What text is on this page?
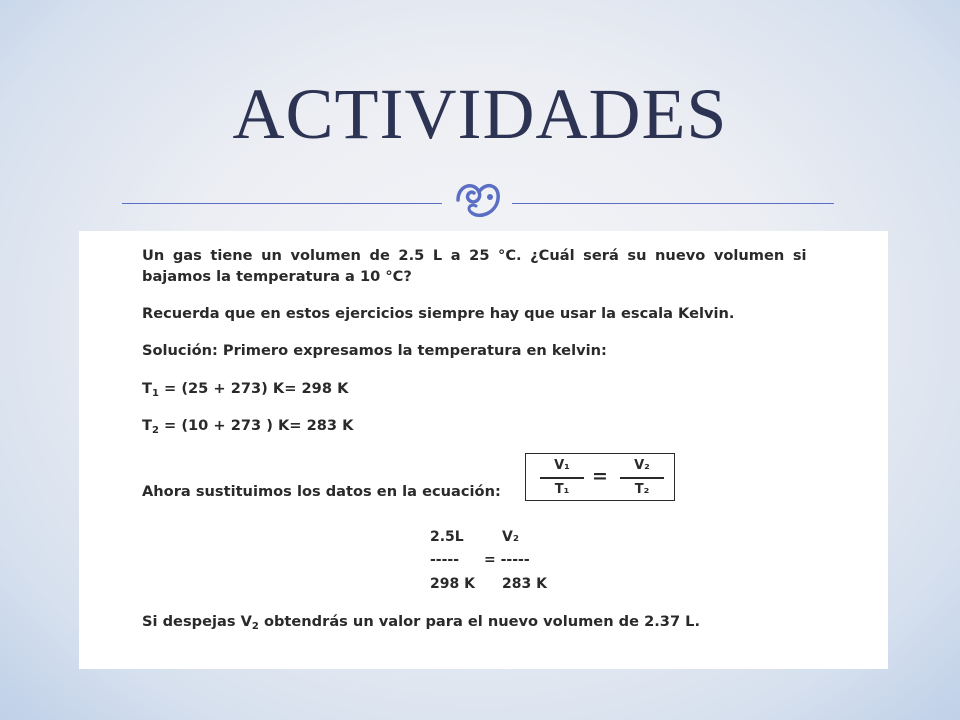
ACTIVIDADES
Un gas tiene un volumen de 2.5 L a 25 °C. ¿Cuál será su nuevo volumen si
bajamos la temperatura a 10 °C?
Recuerda que en estos ejercicios siempre hay que usar la escala Kelvin.
Solución: Primero expresamos la temperatura en kelvin:
$T_1 = (25 + 273)$ K= 298 K
$T_2 = (10 + 273$ ) K= 283 K
Ahora sustituimos los datos en la ecuación:
V₁
T₁
=	V₂
T₂
2.5L	V₂
----- = -----
298 K 283 K
Si despejas $V_2$ obtendrás un valor para el nuevo volumen de 2.37 L.
